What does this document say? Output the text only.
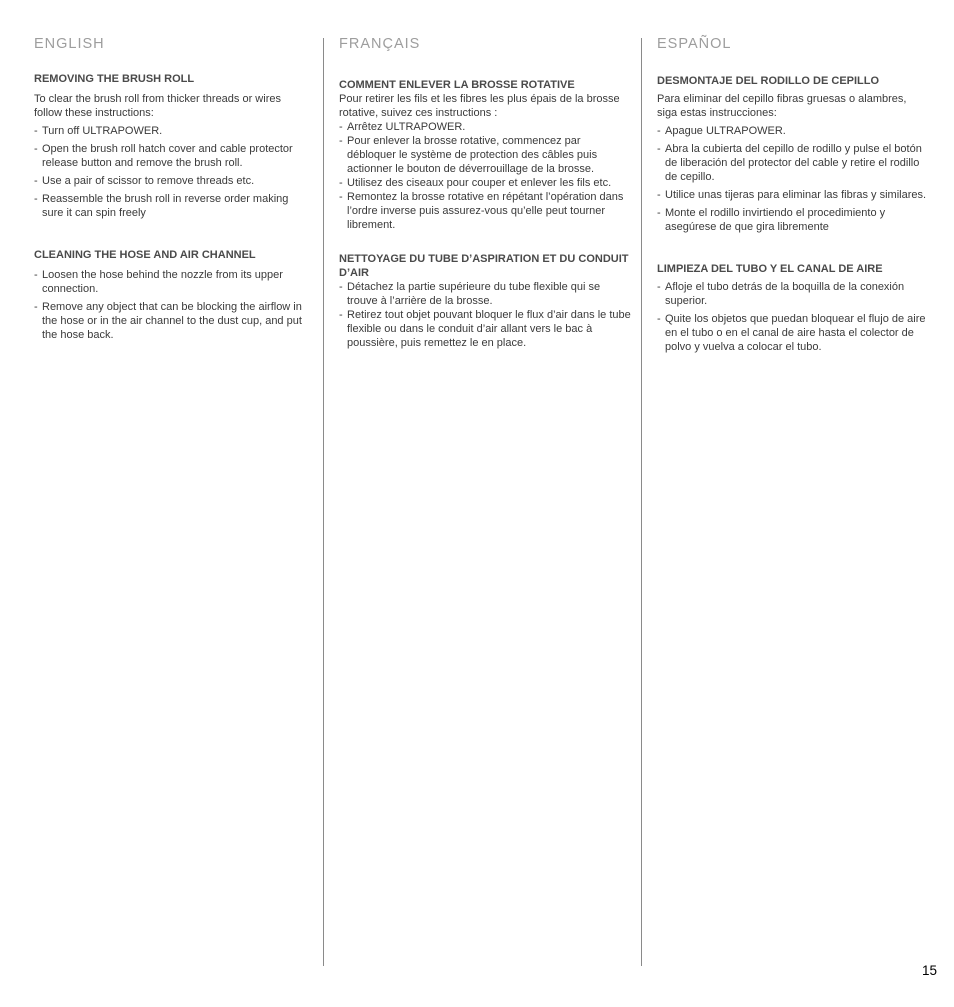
ENGLISH
REMOVING THE BRUSH ROLL

To clear the brush roll from thicker threads or wires follow these instructions:

- Turn off ULTRAPOWER.
- Open the brush roll hatch cover and cable protector release button and remove the brush roll.
- Use a pair of scissor to remove threads etc.
- Reassemble the brush roll in reverse order making sure it can spin freely
CLEANING THE HOSE AND AIR CHANNEL
- Loosen the hose behind the nozzle from its upper connection.
- Remove any object that can be blocking the airflow in the hose or in the air channel to the dust cup, and put the hose back.
FRANÇAIS
COMMENT ENLEVER LA BROSSE ROTATIVE

Pour retirer les fils et les fibres les plus épais de la brosse rotative, suivez ces instructions :

- Arrêtez ULTRAPOWER.
- Pour enlever la brosse rotative, commencez par débloquer le système de protection des câbles puis actionner le bouton de déverrouillage de la brosse.
- Utilisez des ciseaux pour couper et enlever les fils etc.
- Remontez la brosse rotative en répétant l’opération dans l’ordre inverse puis assurez-vous qu’elle peut tourner librement.
NETTOYAGE DU TUBE D’ASPIRATION ET DU CONDUIT D’AIR
- Détachez la partie supérieure du tube flexible qui se trouve à l’arrière de la brosse.
- Retirez tout objet pouvant bloquer le flux d’air dans le tube flexible ou dans le conduit d’air allant vers le bac à poussière, puis remettez le en place.
ESPAÑOL
DESMONTAJE DEL RODILLO DE CEPILLO

Para eliminar del cepillo fibras gruesas o alambres, siga estas instrucciones:

- Apague ULTRAPOWER.
- Abra la cubierta del cepillo de rodillo y pulse el botón de liberación del protector del cable y retire el rodillo de cepillo.
- Utilice unas tijeras para eliminar las fibras y similares.
- Monte el rodillo invirtiendo el procedimiento y asegúrese de que gira libremente
LIMPIEZA DEL TUBO Y EL CANAL DE AIRE
- Afloje el tubo detrás de la boquilla de la conexión superior.
- Quite los objetos que puedan bloquear el flujo de aire en el tubo o en el canal de aire hasta el colector de polvo y vuelva a colocar el tubo.
15
